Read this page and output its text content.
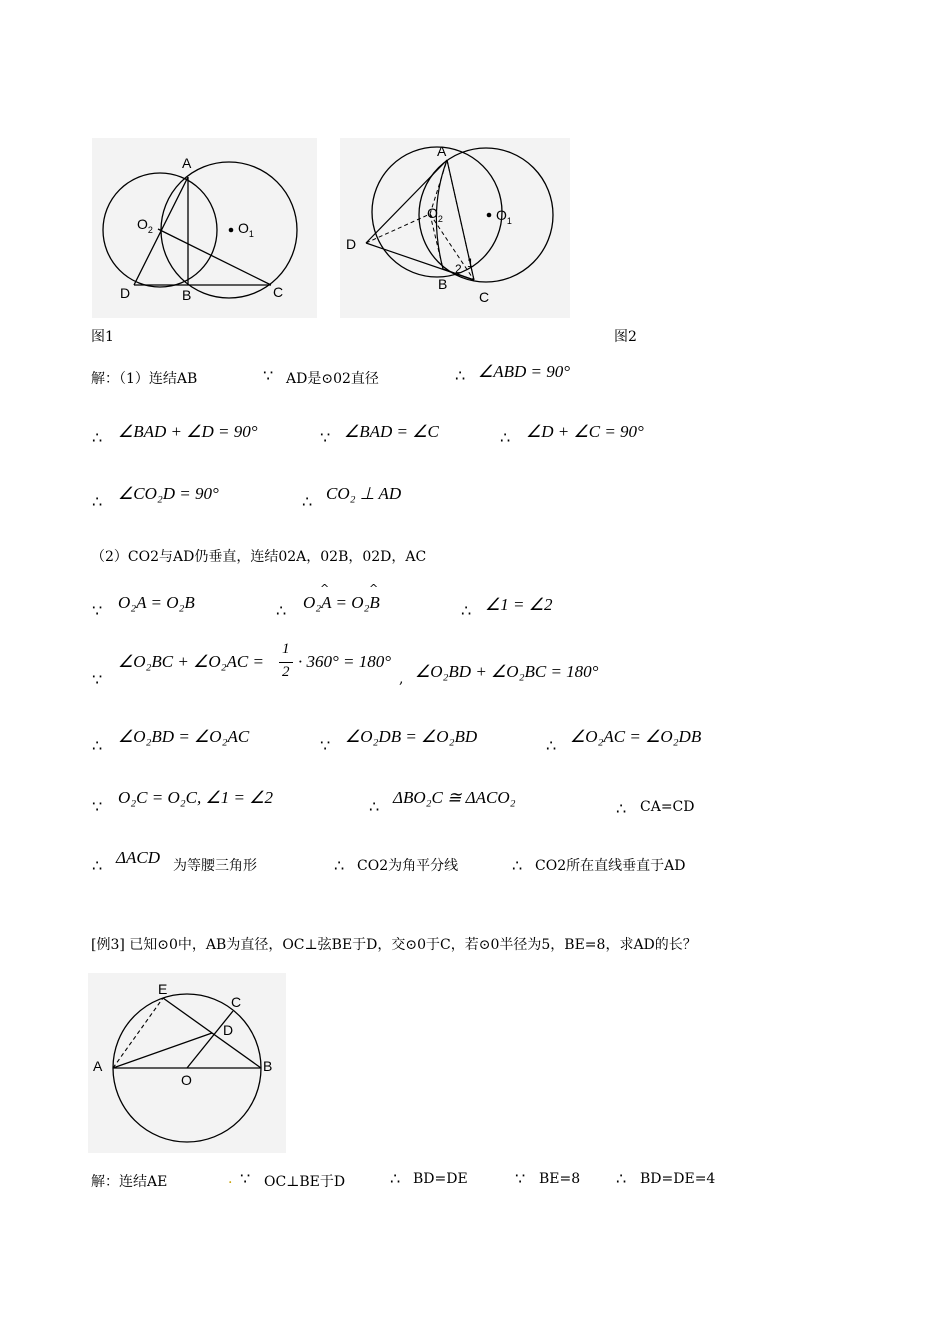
A
B	C
D
$O_2$	$O_1$
A
B
C
D
$O_2$	$O_1$
2 1
图1	图2
解：（1）连结AB	∵ AD是⊙02直径	∴ ∠ABD = 90°
∴ ∠BAD + ∠D = 90°	∵ ∠BAD = ∠C	∴ ∠D + ∠C = 90°
∴ ∠CO₂D = 90°	∴ CO₂ ⊥ AD
（2）CO2与AD仍垂直，连结02A，02B，02D，AC
∵ O₂A = O₂B	∴ O₂A = O₂B
^	^
∴ ∠1 = ∠2
∵
∠O₂BC + ∠O₂AC =
1
2
· 360° = 180°
, ∠O₂BD + ∠O₂BC = 180°
∴ ∠O₂BD = ∠O₂AC	∵ ∠O₂DB = ∠O₂BD	∴ ∠O₂AC = ∠O₂DB
∵ O₂C = O₂C, ∠1 = ∠2	∴ ΔBO₂C ≅ ΔACO₂
∴ CA=CD
∴ ΔACD 为等腰三角形	∴ CO2为角平分线	∴ CO2所在直线垂直于AD
[例3] 已知⊙0中，AB为直径，OC⊥弦BE于D，交⊙0于C，若⊙0半径为5，BE=8，求AD的长？
A	B
C
D
E
O
解：连结AE	. ∵ OC⊥BE于D	∴ BD=DE	∵ BE=8 ∴ BD=DE=4
